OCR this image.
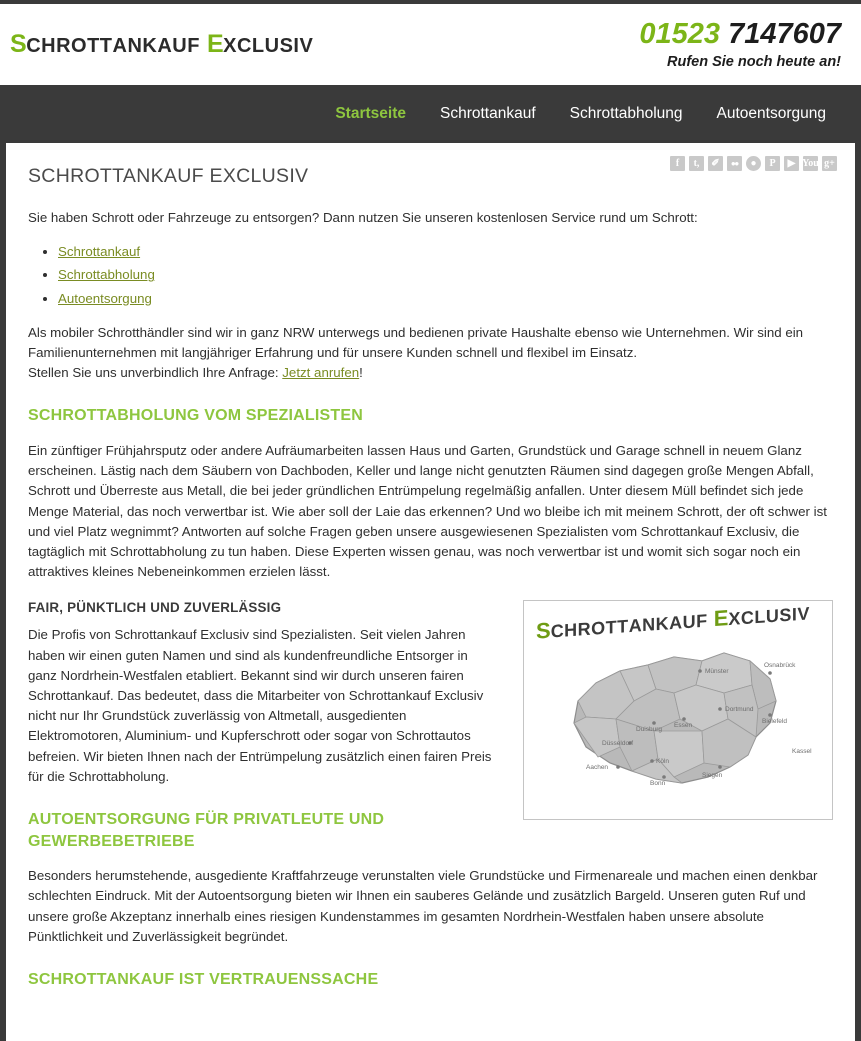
S CHROTT ANKAUF E XCLUSIV	01523 7147607
Rufen Sie noch heute an!
Startseite	Schrottankauf	Schrottabholung	Autoentsorgung
f	t,	✐ ••	●	P	▶ You g+
SCHROTTANKAUF EXCLUSIV

Sie haben Schrott oder Fahrzeuge zu entsorgen? Dann nutzen Sie unseren kostenlosen Service rund um Schrott:

• Schrottankauf
• Schrottabholung
• Autoentsorgung

Als mobiler Schrotthändler sind wir in ganz NRW unterwegs und bedienen private Haushalte ebenso wie Unternehmen. Wir sind ein Familienunternehmen mit langjähriger Erfahrung und für unsere Kunden schnell und flexibel im Einsatz.
Stellen Sie uns unverbindlich Ihre Anfrage: Jetzt anrufen!

SCHROTTABHOLUNG VOM SPEZIALISTEN

Ein zünftiger Frühjahrsputz oder andere Aufräumarbeiten lassen Haus und Garten, Grundstück und Garage schnell in neuem Glanz erscheinen. Lästig nach dem Säubern von Dachboden, Keller und lange nicht genutzten Räumen sind dagegen große Mengen Abfall, Schrott und Überreste aus Metall, die bei jeder gründlichen Entrümpelung regelmäßig anfallen. Unter diesem Müll befindet sich jede Menge Material, das noch verwertbar ist. Wie aber soll der Laie das erkennen? Und wo bleibe ich mit meinem Schrott, der oft schwer ist und viel Platz wegnimmt? Antworten auf solche Fragen geben unsere ausgewiesenen Spezialisten vom Schrottankauf Exclusiv, die tagtäglich mit Schrottabholung zu tun haben. Diese Experten wissen genau, was noch verwertbar ist und womit sich sogar noch ein attraktives kleines Nebeneinkommen erzielen lässt.

S CHROTT ANKAUF E XCLUSIV
Münster
Osnabrück
Dortmund
Bielefeld
Duisburg
Essen
Düsseldorf
Köln
Aachen
Bonn
Siegen
Kassel
FAIR, PÜNKTLICH UND ZUVERLÄSSIG

Die Profis von Schrottankauf Exclusiv sind Spezialisten. Seit vielen Jahren haben wir einen guten Namen und sind als kundenfreundliche Entsorger in ganz Nordrhein-Westfalen etabliert. Bekannt sind wir durch unseren fairen Schrottankauf. Das bedeutet, dass die Mitarbeiter von Schrottankauf Exclusiv nicht nur Ihr Grundstück zuverlässig von Altmetall, ausgedienten Elektromotoren, Aluminium- und Kupferschrott oder sogar von Schrottautos befreien. Wir bieten Ihnen nach der Entrümpelung zusätzlich einen fairen Preis für die Schrottabholung.

AUTOENTSORGUNG FÜR PRIVATLEUTE UND GEWERBEBETRIEBE

Besonders herumstehende, ausgediente Kraftfahrzeuge verunstalten viele Grundstücke und Firmenareale und machen einen denkbar schlechten Eindruck. Mit der Autoentsorgung bieten wir Ihnen ein sauberes Gelände und zusätzlich Bargeld. Unseren guten Ruf und unsere große Akzeptanz innerhalb eines riesigen Kundenstammes im gesamten Nordrhein-Westfalen haben unsere absolute Pünktlichkeit und Zuverlässigkeit begründet.

SCHROTTANKAUF IST VERTRAUENSSACHE
